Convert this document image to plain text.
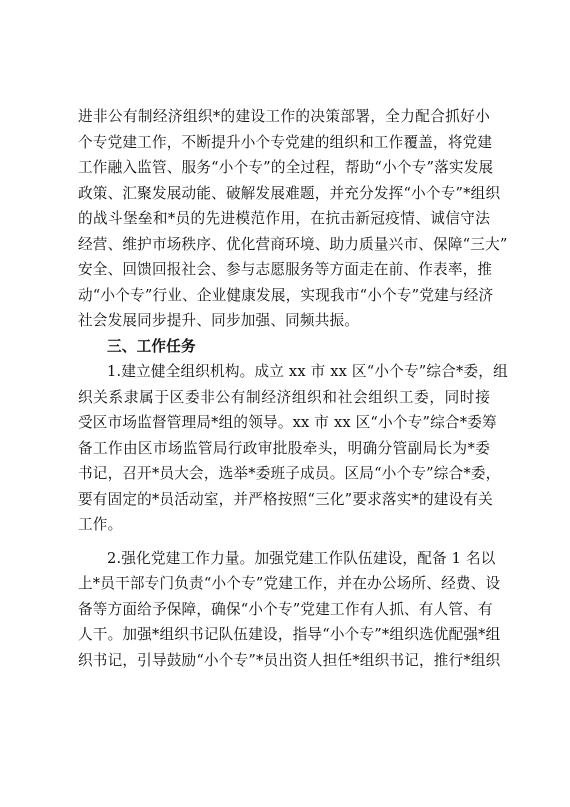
进非公有制经济组织*的建设工作的决策部署，全力配合抓好小
个专党建工作，不断提升小个专党建的组织和工作覆盖，将党建
工作融入监管、服务“小个专”的全过程，帮助“小个专”落实发展
政策、汇聚发展动能、破解发展难题，并充分发挥“小个专”*组织
的战斗堡垒和*员的先进模范作用，在抗击新冠疫情、诚信守法
经营、维护市场秩序、优化营商环境、助力质量兴市、保障“三大”
安全、回馈回报社会、参与志愿服务等方面走在前、作表率，推
动“小个专”行业、企业健康发展，实现我市“小个专”党建与经济
社会发展同步提升、同步加强、同频共振。
三、工作任务
1.建立健全组织机构。成立 xx 市 xx 区“小个专”综合*委，组
织关系隶属于区委非公有制经济组织和社会组织工委，同时接
受区市场监督管理局*组的领导。xx 市 xx 区“小个专”综合*委筹
备工作由区市场监管局行政审批股牵头，明确分管副局长为*委
书记，召开*员大会，选举*委班子成员。区局“小个专”综合*委，
要有固定的*员活动室，并严格按照“三化”要求落实*的建设有关
工作。
2.强化党建工作力量。加强党建工作队伍建设，配备 1 名以
上*员干部专门负责“小个专”党建工作，并在办公场所、经费、设
备等方面给予保障，确保“小个专”党建工作有人抓、有人管、有
人干。加强*组织书记队伍建设，指导“小个专”*组织选优配强*组
织书记，引导鼓励“小个专”*员出资人担任*组织书记，推行*组织
